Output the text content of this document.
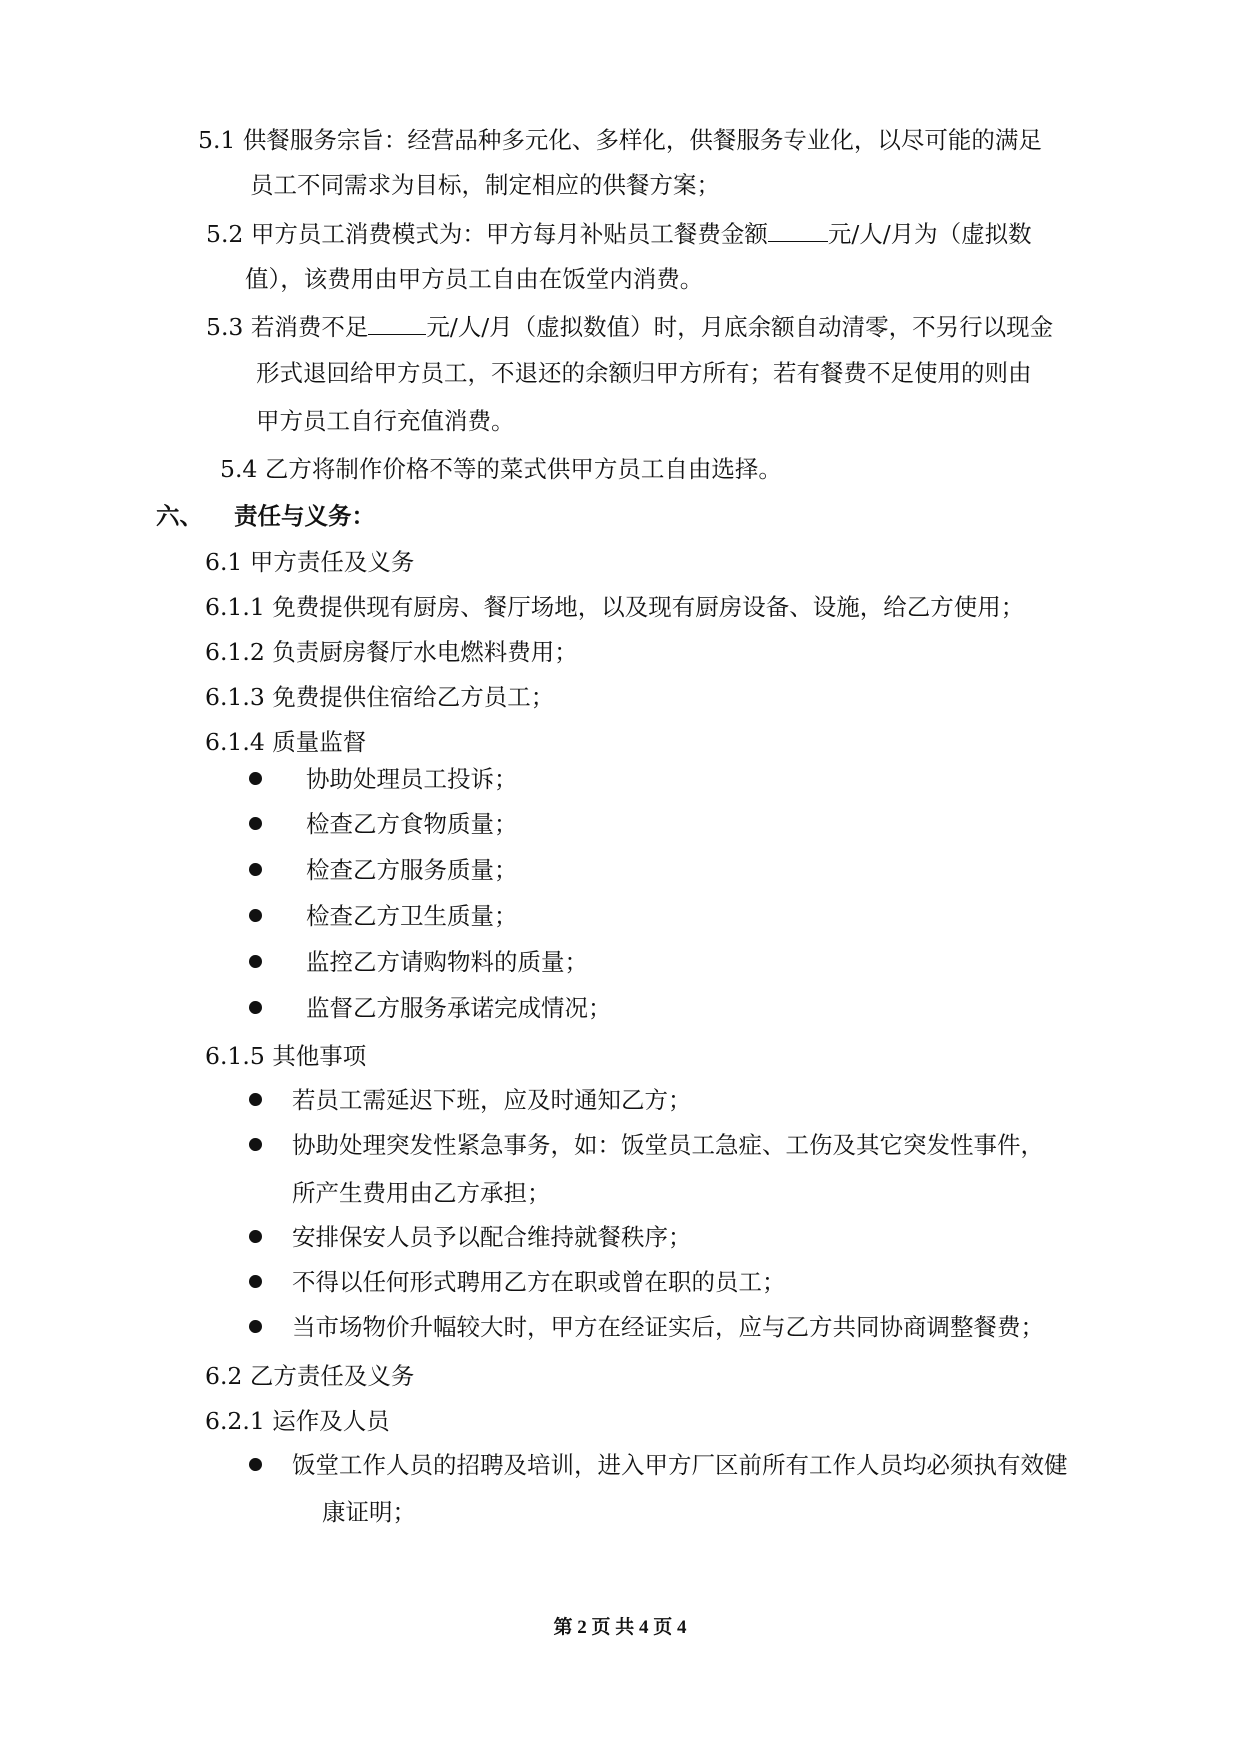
5.1 供餐服务宗旨：经营品种多元化、多样化，供餐服务专业化，以尽可能的满足
员工不同需求为目标，制定相应的供餐方案；
5.2 甲方员工消费模式为：甲方每月补贴员工餐费金额	元/人/月为（虚拟数
值），该费用由甲方员工自由在饭堂内消费。
5.3 若消费不足 元/人/月（虚拟数值）时，月底余额自动清零，不另行以现金
形式退回给甲方员工，不退还的余额归甲方所有；若有餐费不足使用的则由
甲方员工自行充值消费。
5.4 乙方将制作价格不等的菜式供甲方员工自由选择。
六、 责任与义务：
6.1 甲方责任及义务
6.1.1 免费提供现有厨房、餐厅场地，以及现有厨房设备、设施，给乙方使用；
6.1.2 负责厨房餐厅水电燃料费用；
6.1.3 免费提供住宿给乙方员工；
6.1.4 质量监督
协助处理员工投诉；
检查乙方食物质量；
检查乙方服务质量；
检查乙方卫生质量；
监控乙方请购物料的质量；
监督乙方服务承诺完成情况；
6.1.5 其他事项
若员工需延迟下班，应及时通知乙方；
协助处理突发性紧急事务，如：饭堂员工急症、工伤及其它突发性事件，
所产生费用由乙方承担；
安排保安人员予以配合维持就餐秩序；
不得以任何形式聘用乙方在职或曾在职的员工；
当市场物价升幅较大时，甲方在经证实后，应与乙方共同协商调整餐费；
6.2 乙方责任及义务
6.2.1 运作及人员
饭堂工作人员的招聘及培训，进入甲方厂区前所有工作人员均必须执有效健
康证明；
第 2 页 共 4 页 4
